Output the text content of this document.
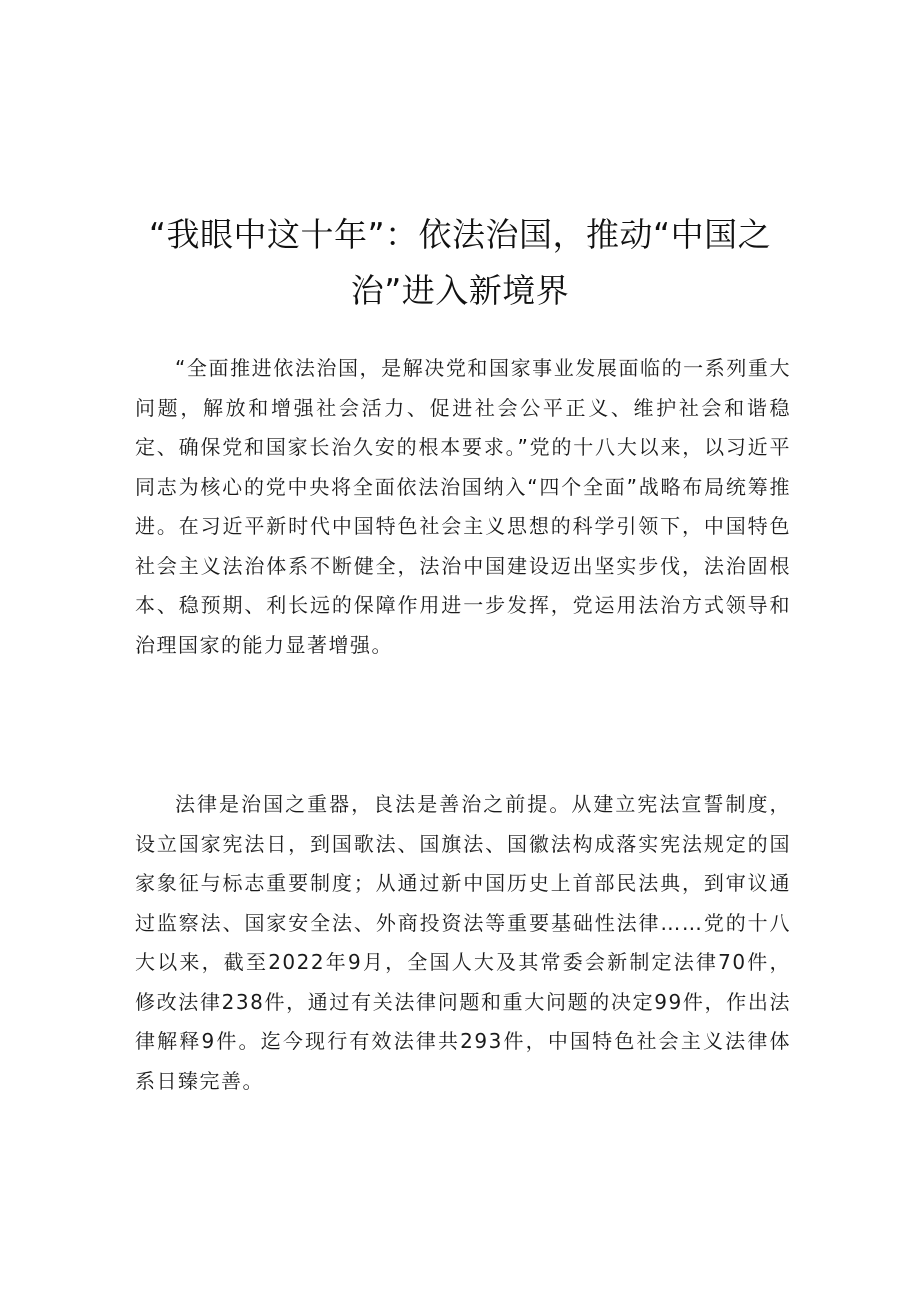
“我眼中这十年”：依法治国，推动“中国之治”进入新境界

“全面推进依法治国，是解决党和国家事业发展面临的一系列重大问题，解放和增强社会活力、促进社会公平正义、维护社会和谐稳定、确保党和国家长治久安的根本要求。”党的十八大以来，以习近平同志为核心的党中央将全面依法治国纳入“四个全面”战略布局统筹推进。在习近平新时代中国特色社会主义思想的科学引领下，中国特色社会主义法治体系不断健全，法治中国建设迈出坚实步伐，法治固根本、稳预期、利长远的保障作用进一步发挥，党运用法治方式领导和治理国家的能力显著增强。

法律是治国之重器，良法是善治之前提。从建立宪法宣誓制度，设立国家宪法日，到国歌法、国旗法、国徽法构成落实宪法规定的国家象征与标志重要制度；从通过新中国历史上首部民法典，到审议通过监察法、国家安全法、外商投资法等重要基础性法律……党的十八大以来，截至2022年9月，全国人大及其常委会新制定法律70件，修改法律238件，通过有关法律问题和重大问题的决定99件，作出法律解释9件。迄今现行有效法律共293件，中国特色社会主义法律体系日臻完善。
